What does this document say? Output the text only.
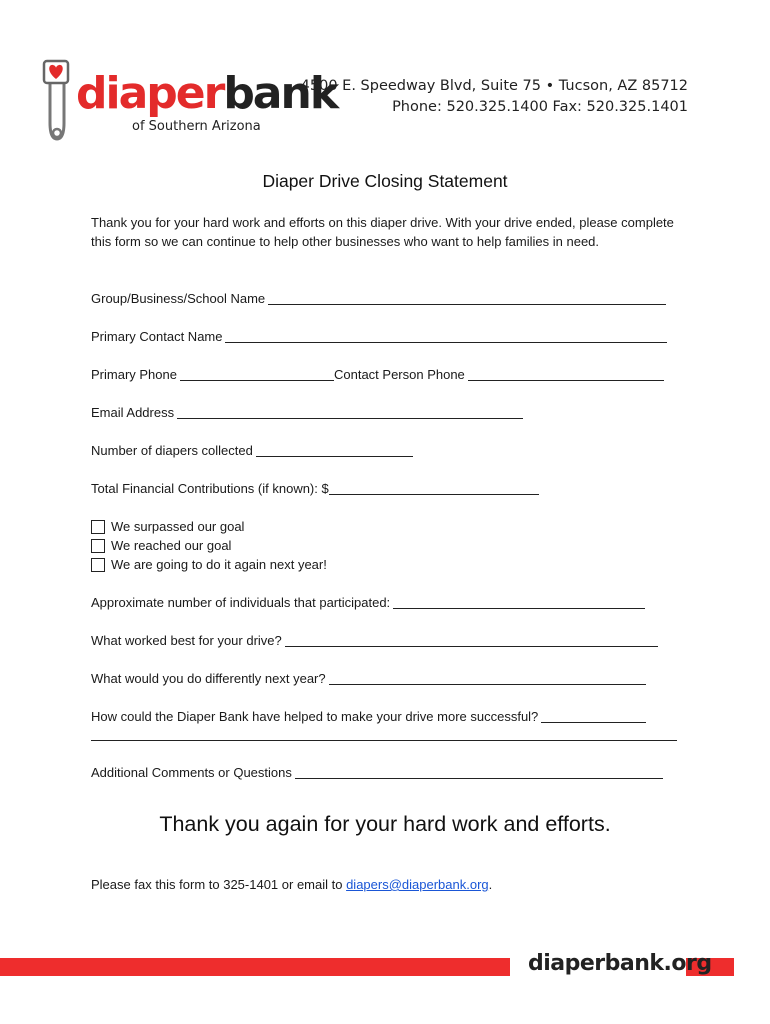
diaperbank
of Southern Arizona
4500 E. Speedway Blvd, Suite 75 • Tucson, AZ 85712
Phone: 520.325.1400 Fax: 520.325.1401
Diaper Drive Closing Statement
Thank you for your hard work and efforts on this diaper drive. With your drive ended, please complete this form so we can continue to help other businesses who want to help families in need.
Group/Business/School Name
Primary Contact Name
Primary Phone	Contact Person Phone
Email Address
Number of diapers collected
Total Financial Contributions (if known): $
We surpassed our goal
We reached our goal
We are going to do it again next year!
Approximate number of individuals that participated:
What worked best for your drive?
What would you do differently next year?
How could the Diaper Bank have helped to make your drive more successful?
Additional Comments or Questions
Thank you again for your hard work and efforts.
Please fax this form to 325-1401 or email to diapers@diaperbank.org.
diaperbank.org
